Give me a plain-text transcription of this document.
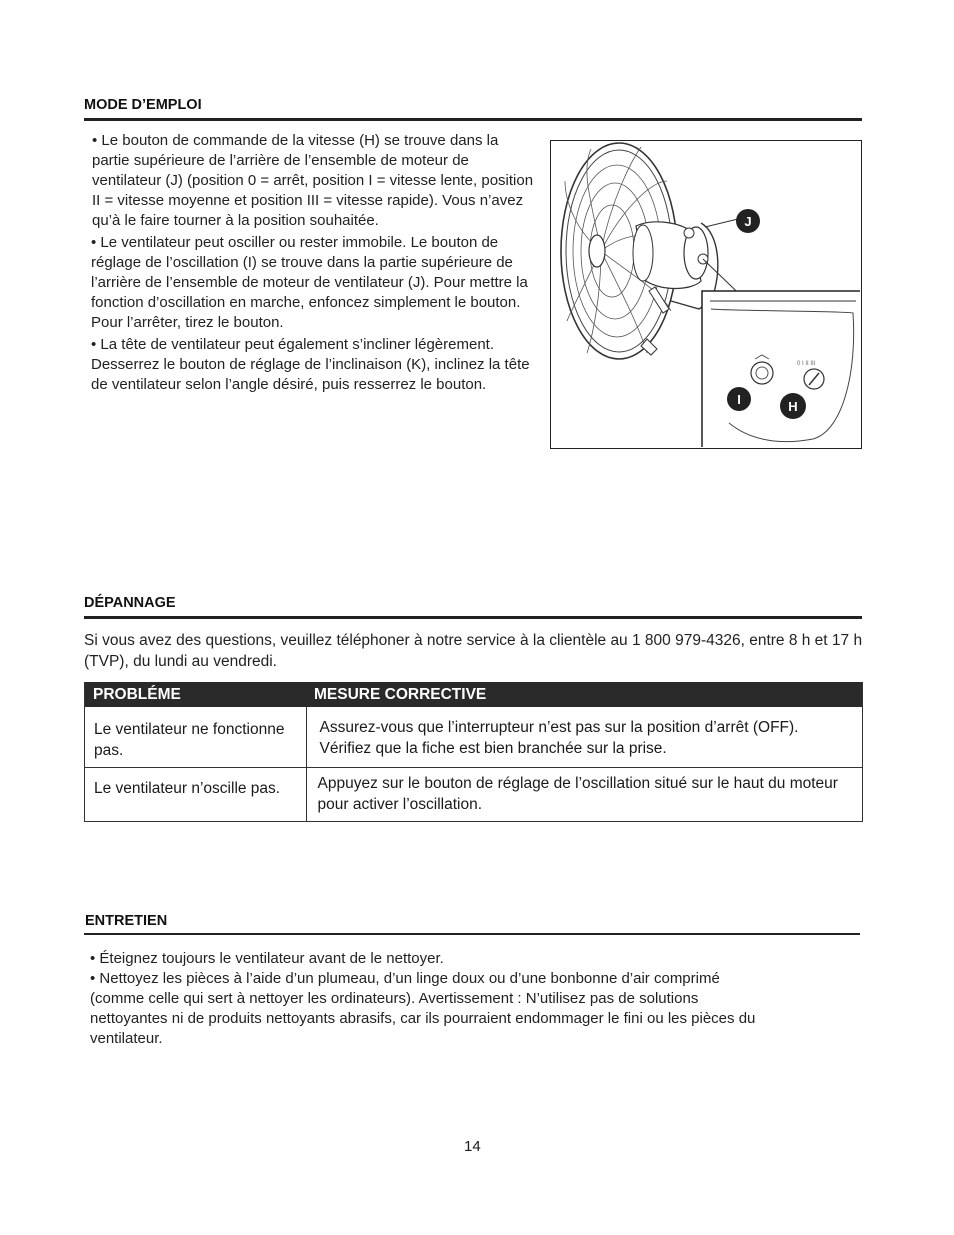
MODE D’EMPLOI

• Le bouton de commande de la vitesse (H) se trouve dans la partie supérieure de l’arrière de l’ensemble de moteur de ventilateur (J) (position 0 = arrêt, position I = vitesse lente, position II = vitesse moyenne et position III = vitesse rapide). Vous n’avez qu’à le faire tourner à la position souhaitée.

• Le ventilateur peut osciller ou rester immobile. Le bouton de réglage de l’oscillation (I) se trouve dans la partie supérieure de l’arrière de l’ensemble de moteur de ventilateur (J). Pour mettre la fonction d’oscillation en marche, enfoncez simplement le bouton. Pour l’arrêter, tirez le bouton.

• La tête de ventilateur peut également s’incliner légèrement. Desserrez le bouton de réglage de l’inclinaison (K), inclinez la tête de ventilateur selon l’angle désiré, puis resserrez le bouton.

0 I II III
J
I	H
DÉPANNAGE
Si vous avez des questions, veuillez téléphoner à notre service à la clientèle au 1 800 979-4326, entre 8 h et 17 h (TVP), du lundi au vendredi.
PROBLÉME	MESURE CORRECTIVE
Le ventilateur ne fonctionne pas.	Assurez-vous que l’interrupteur n’est pas sur la position d’arrêt (OFF). Vérifiez que la fiche est bien branchée sur la prise.
Le ventilateur n’oscille pas.	Appuyez sur le bouton de réglage de l’oscillation situé sur le haut du moteur pour activer l’oscillation.
ENTRETIEN

• Éteignez toujours le ventilateur avant de le nettoyer.

• Nettoyez les pièces à l’aide d’un plumeau, d’un linge doux ou d’une bonbonne d’air comprimé (comme celle qui sert à nettoyer les ordinateurs). Avertissement : N’utilisez pas de solutions nettoyantes ni de produits nettoyants abrasifs, car ils pourraient endommager le fini ou les pièces du ventilateur.

14
